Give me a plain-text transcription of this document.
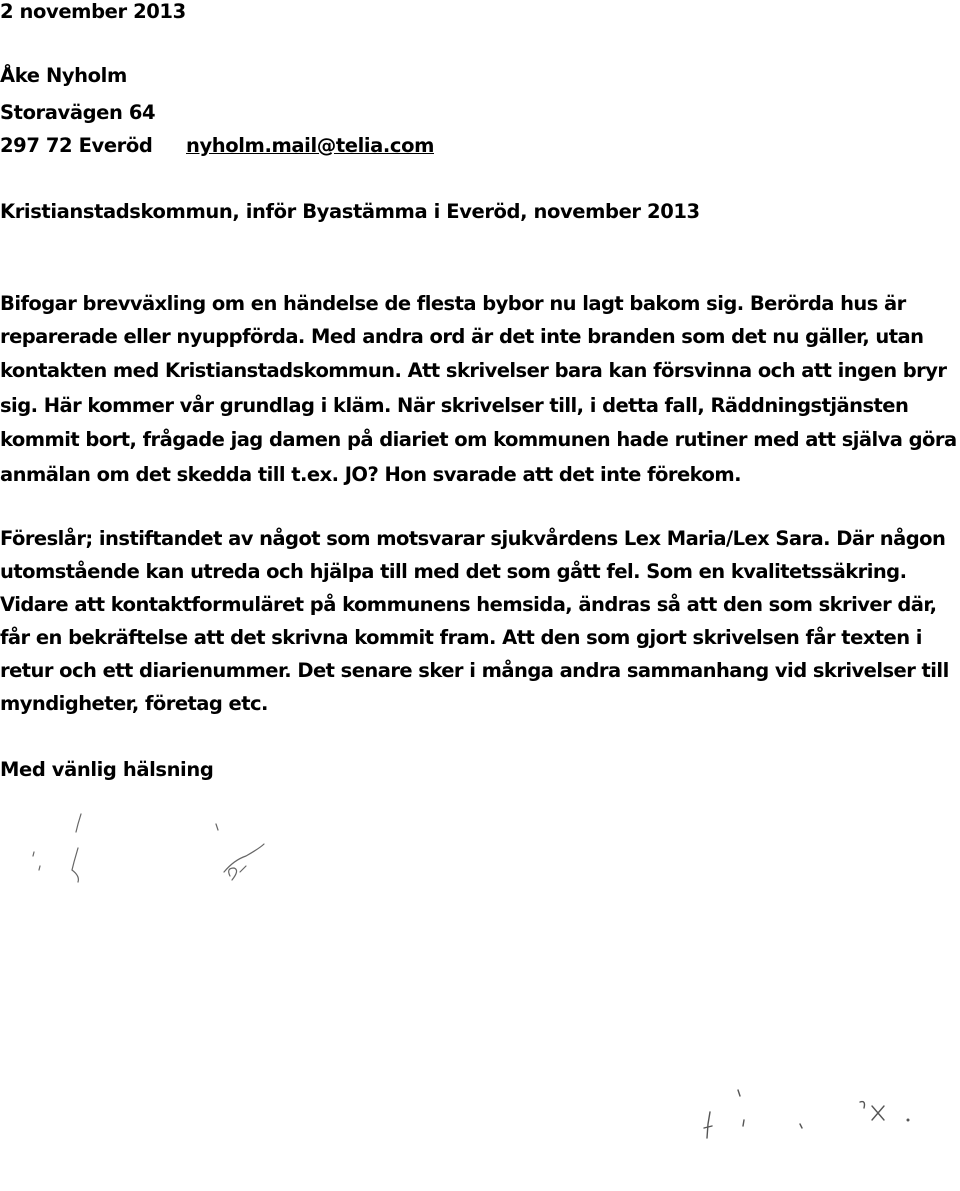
2 november 2013
Åke Nyholm
Storavägen 64
297 72 Everöd nyholm.mail@telia.com
Kristianstadskommun, inför Byastämma i Everöd, november 2013
Bifogar brevväxling om en händelse de flesta bybor nu lagt bakom sig. Berörda hus är
reparerade eller nyuppförda. Med andra ord är det inte branden som det nu gäller, utan
kontakten med Kristianstadskommun. Att skrivelser bara kan försvinna och att ingen bryr
sig. Här kommer vår grundlag i kläm. När skrivelser till, i detta fall, Räddningstjänsten
kommit bort, frågade jag damen på diariet om kommunen hade rutiner med att själva göra
anmälan om det skedda till t.ex. JO? Hon svarade att det inte förekom.
Föreslår; instiftandet av något som motsvarar sjukvårdens Lex Maria/Lex Sara. Där någon
utomstående kan utreda och hjälpa till med det som gått fel. Som en kvalitetssäkring.
Vidare att kontaktformuläret på kommunens hemsida, ändras så att den som skriver där,
får en bekräftelse att det skrivna kommit fram. Att den som gjort skrivelsen får texten i
retur och ett diarienummer. Det senare sker i många andra sammanhang vid skrivelser till
myndigheter, företag etc.
Med vänlig hälsning
